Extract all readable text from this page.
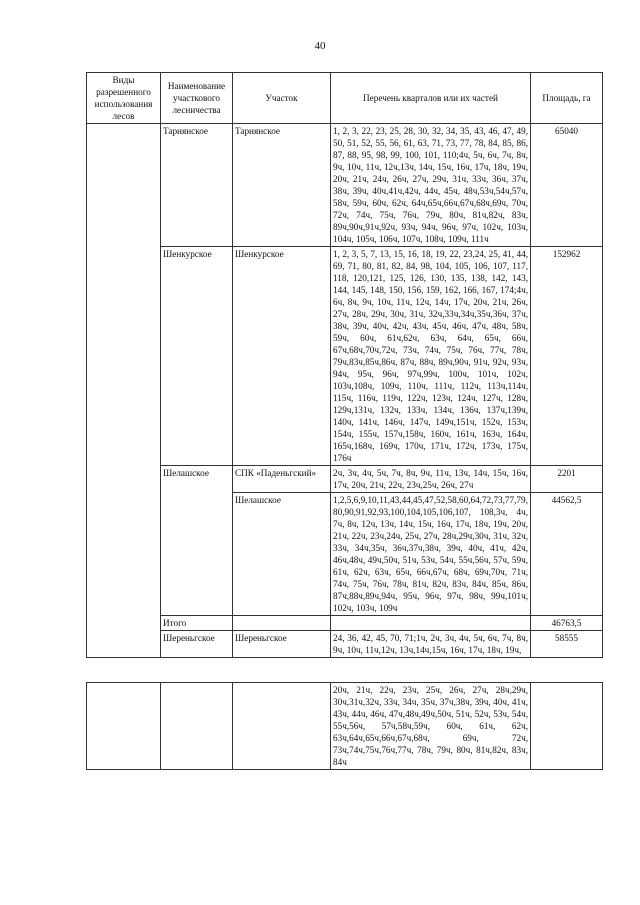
40
Виды разрешенного использования лесов	Наименование участкового лесничества	Участок	Перечень кварталов или их частей	Площадь, га
	Тарнянское	Тарнянское	1, 2, 3, 22, 23, 25, 28, 30, 32, 34, 35, 43, 46, 47, 49, 50, 51, 52, 55, 56, 61, 63, 71, 73, 77, 78, 84, 85, 86, 87, 88, 95, 98, 99, 100, 101, 110;4ч, 5ч, 6ч, 7ч, 8ч, 9ч, 10ч, 11ч, 12ч,13ч, 14ч, 15ч, 16ч, 17ч, 18ч, 19ч, 20ч, 21ч, 24ч, 26ч, 27ч, 29ч, 31ч, 33ч, 36ч, 37ч, 38ч, 39ч, 40ч,41ч,42ч, 44ч, 45ч, 48ч,53ч,54ч,57ч, 58ч, 59ч, 60ч, 62ч, 64ч,65ч,66ч,67ч,68ч,69ч, 70ч, 72ч, 74ч, 75ч, 76ч, 79ч, 80ч, 81ч,82ч, 83ч, 89ч,90ч,91ч,92ч, 93ч, 94ч, 96ч, 97ч, 102ч, 103ч, 104ч, 105ч, 106ч, 107ч, 108ч, 109ч, 111ч	65040
	Шенкурское	Шенкурское	1, 2, 3, 5, 7, 13, 15, 16, 18, 19, 22, 23,24, 25, 41, 44, 69, 71, 80, 81, 82, 84, 98, 104, 105, 106, 107, 117, 118, 120,121, 125, 126, 130, 135, 138, 142, 143, 144, 145, 148, 150, 156, 159, 162, 166, 167, 174;4ч, 6ч, 8ч, 9ч, 10ч, 11ч, 12ч, 14ч, 17ч, 20ч, 21ч, 26ч, 27ч, 28ч, 29ч, 30ч, 31ч, 32ч,33ч,34ч,35ч,36ч, 37ч, 38ч, 39ч, 40ч, 42ч, 43ч, 45ч, 46ч, 47ч, 48ч, 58ч, 59ч, 60ч, 61ч,62ч, 63ч, 64ч, 65ч, 66ч, 67ч,68ч,70ч,72ч, 73ч, 74ч, 75ч, 76ч, 77ч, 78ч, 79ч,83ч,85ч,86ч, 87ч, 88ч, 89ч,90ч, 91ч, 92ч, 93ч, 94ч, 95ч, 96ч, 97ч,99ч, 100ч, 101ч, 102ч, 103ч,108ч, 109ч, 110ч, 111ч, 112ч, 113ч,114ч, 115ч, 116ч, 119ч, 122ч, 123ч, 124ч, 127ч, 128ч, 129ч,131ч, 132ч, 133ч, 134ч, 136ч, 137ч,139ч, 140ч, 141ч, 146ч, 147ч, 149ч,151ч, 152ч, 153ч, 154ч, 155ч, 157ч,158ч, 160ч, 161ч, 163ч, 164ч, 165ч,168ч, 169ч, 170ч, 171ч, 172ч, 173ч, 175ч, 176ч	152962
	Шелашское	СПК «Паденьгский»	2ч, 3ч, 4ч, 5ч, 7ч, 8ч, 9ч, 11ч, 13ч, 14ч, 15ч, 16ч, 17ч, 20ч, 21ч, 22ч, 23ч,25ч, 26ч, 27ч	2201
		Шелашское	1,2,5,6,9,10,11,43,44,45,47,52,58,60,64,72,73,77,79,80,90,91,92,93,100,104,105,106,107, 108,3ч, 4ч, 7ч, 8ч, 12ч, 13ч, 14ч, 15ч, 16ч, 17ч, 18ч, 19ч, 20ч, 21ч, 22ч, 23ч,24ч, 25ч, 27ч, 28ч,29ч,30ч, 31ч, 32ч, 33ч, 34ч,35ч, 36ч,37ч,38ч, 39ч, 40ч, 41ч, 42ч, 46ч,48ч, 49ч,50ч, 51ч, 53ч, 54ч, 55ч,56ч, 57ч, 59ч, 61ч, 62ч, 63ч, 65ч, 66ч,67ч, 68ч, 69ч,70ч, 71ч, 74ч, 75ч, 76ч, 78ч, 81ч, 82ч, 83ч, 84ч, 85ч, 86ч, 87ч,88ч,89ч,94ч, 95ч, 96ч, 97ч, 98ч, 99ч,101ч, 102ч, 103ч, 109ч	44562,5
	Итого			46763,5
	Шереньгское	Шереньгское	24, 36, 42, 45, 70, 71;1ч, 2ч, 3ч, 4ч, 5ч, 6ч, 7ч, 8ч, 9ч, 10ч, 11ч,12ч, 13ч,14ч,15ч, 16ч, 17ч, 18ч, 19ч,	58555

			20ч, 21ч, 22ч, 23ч, 25ч, 26ч, 27ч, 28ч,29ч, 30ч,31ч,32ч, 33ч, 34ч, 35ч, 37ч,38ч, 39ч, 40ч, 41ч, 43ч, 44ч, 46ч, 47ч,48ч,49ч,50ч, 51ч, 52ч, 53ч, 54ч, 55ч,56ч, 57ч,58ч,59ч, 60ч, 61ч, 62ч, 63ч,64ч,65ч,66ч,67ч,68ч, 69ч, 72ч, 73ч,74ч,75ч,76ч,77ч, 78ч, 79ч, 80ч, 81ч,82ч, 83ч, 84ч	
